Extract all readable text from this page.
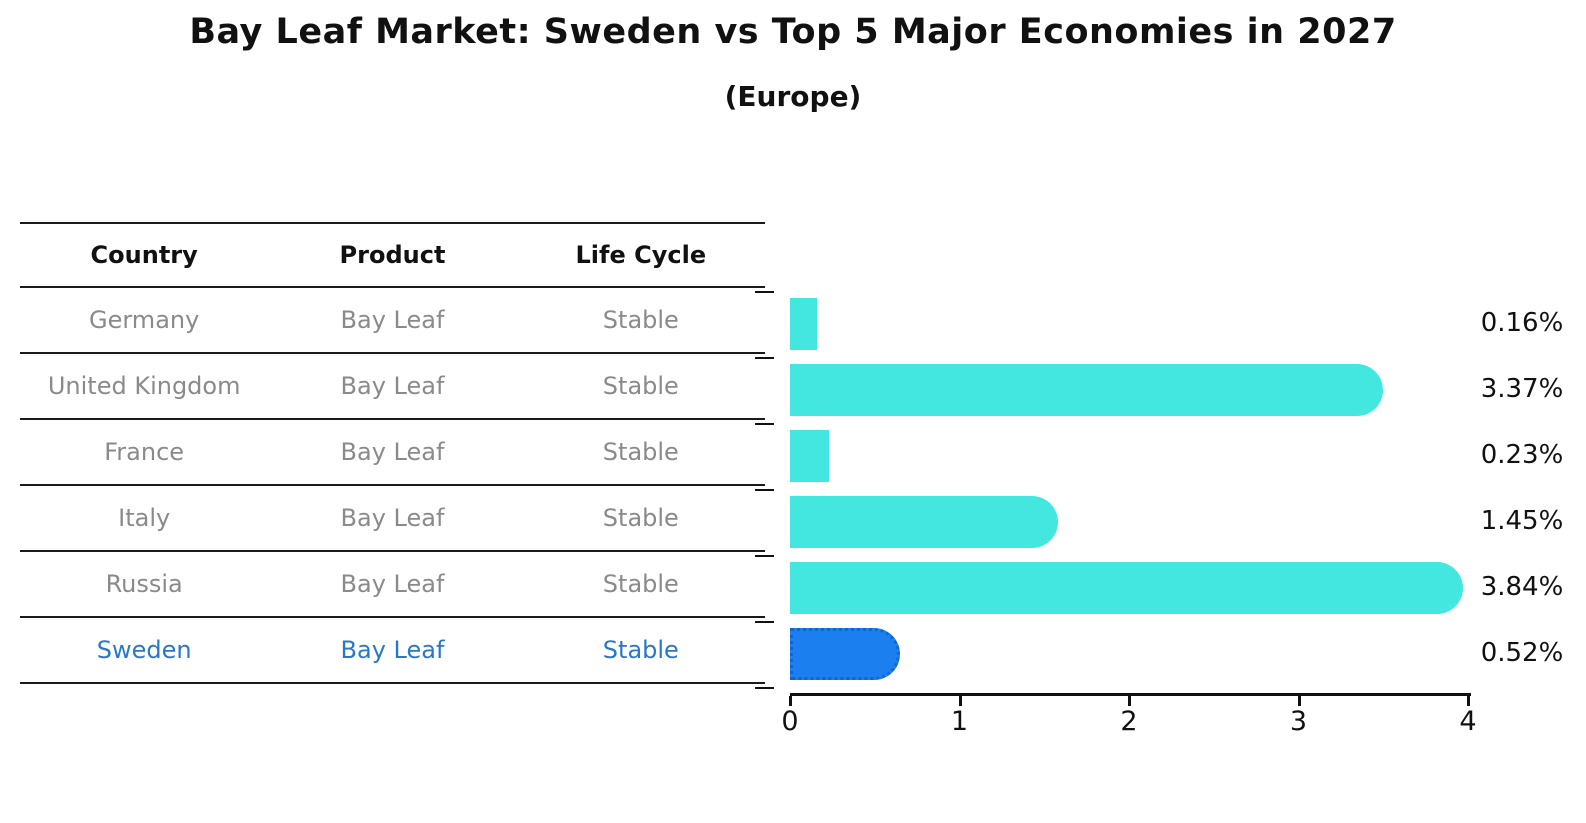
Bay Leaf Market: Sweden vs Top 5 Major Economies in 2027
(Europe)
Country	Product	Life Cycle
Germany	Bay Leaf	Stable
United Kingdom	Bay Leaf	Stable
France	Bay Leaf	Stable
Italy	Bay Leaf	Stable
Russia	Bay Leaf	Stable
Sweden	Bay Leaf	Stable
0.16%
3.37%
0.23%
1.45%
3.84%
0.52%
0	1	2	3	4
